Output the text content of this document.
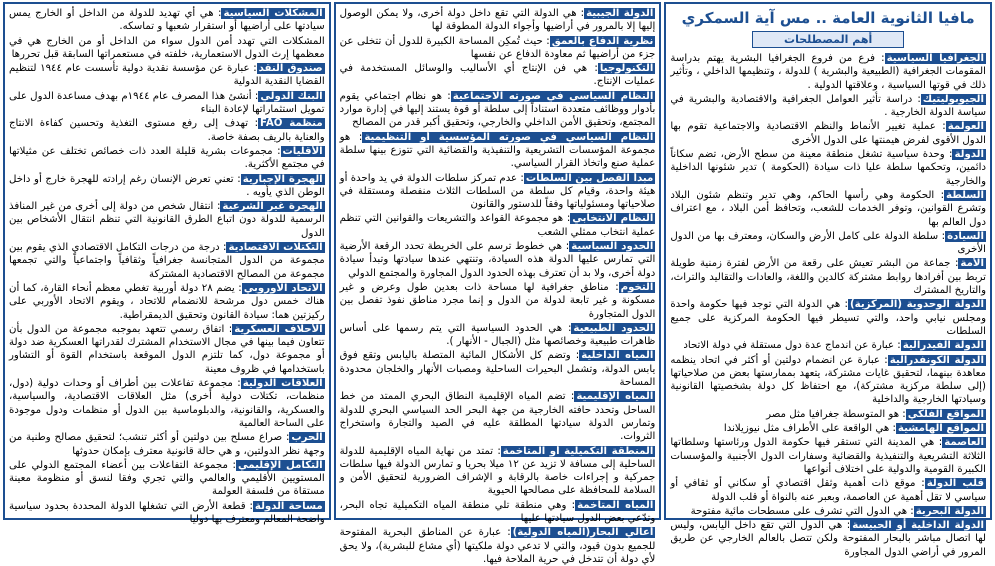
مافيا الثانوية العامة .. مس آية السمكري
أهم المصطلحات

الجغرافيا السياسية: فرع من فروع الجغرافيا البشرية يهتم بدراسة المقومات الجغرافية (الطبيعية والبشرية ) للدولة ، وتنظيمها الداخلي ، وتأثير ذلك في قوتها السياسية ، وعلاقتها الدولية .

الجيوبوليتيك: دراسة تأثير العوامل الجغرافية والاقتصادية والبشرية في سياسة الدولة الخارجية .

العولمة: عملية تغيير الأنماط والنظم الاقتصادية والاجتماعية تقوم بها الدول الأقوى لفرض هيمنتها على الدول الأخرى

الدولة: وحدة سياسية تشغل منطقة معينة من سطح الأرض، تضم سكاناً دائمين، وتحكمها سلطة عليا ذات سيادة (الحكومة ) تدير شئونها الداخلية والخارجية

السلطة: الحكومة وهي رأسها الحاكم، وهي تدير وتنظم شئون البلاد وتشرع القوانين، وتوفر الخدمات للشعب، وتحافظ أمن البلاد ، مع اعتراف دول العالم بها

السيادة: سلطة الدولة على كامل الأرض والسكان، ومعترف بها من الدول الأخرى

الأمة: جماعة من البشر تعيش على رقعة من الأرض لفترة زمنية طويلة تربط بين أفرادها روابط مشتركة كالدين واللغة، والعادات والتقاليد والتراث، والتاريخ المشترك

الدولة الوحدوية (المركزية): هي الدولة التي توجد فيها حكومة واحدة ومجلس نيابي واحد، والتي تسيطر فيها الحكومة المركزية على جميع السلطات

الدولة الفيدرالية: عبارة عن اندماج عدة دول مستقلة في دولة الاتحاد

الدولة الكونفدرالية: عبارة عن انضمام دولتين أو أكثر في اتحاد ينظمه معاهدة بينهما، لتحقيق غايات مشتركة، يتعهد بممارستها بعض من صلاحياتها (إلى سلطة مركزية مشتركة)، مع احتفاظ كل دولة بشخصيتها القانونية وسيادتها الخارجية والداخلية

المواقع الفلكي: هو المتوسطة جغرافيا مثل مصر

المواقع الهامشية: هي الواقعة على الأطراف مثل نيوزيلاندا

العاصمة: هي المدينة التي تستقر فيها حكومة الدول ورئاستها وسلطاتها الثلاثة التشريعية والتنفيذية والقضائية وسفارات الدول الأجنبية والمؤسسات الكبيرة القومية والدولية على اختلاف أنواعها

قلب الدولة: موقع ذات أهمية وثقل اقتصادي أو سكاني أو ثقافي أو سياسي لا تقل أهمية عن العاصمة، وبعبر عنه بالنواة أو قلب الدولة

الدولة البحرية: هي الدول التي تشرف على مسطحات مائية مفتوحة

الدولة الداخلية أو الحبيسة: هي الدول التي تقع داخل اليابس، وليس لها اتصال مباشر بالبحار المفتوحة ولكن تتصل بالعالم الخارجي عن طريق المرور في أراضي الدول المجاورة

الدولة الجيبية: هي الدولة التي تقع داخل دولة أخرى، ولا يمكن الوصول إليها إلا بالمرور في أراضيها وأجواء الدولة المطوقة لها

نظرية الدفاع بالعمق: حيث تُمكِن المساحة الكبيرة للدول أن تتخلى عن جزء من أراضيها ثم معاودة الدفاع عن نفسها

التكنولوجيا: هي فن الإنتاج أي الأساليب والوسائل المستخدمة في عمليات الإنتاج.

النظام السياسي في صورته الاجتماعية: هو نظام اجتماعي يقوم بأدوار ووظائف متعددة استناداً إلى سلطة أو قوة يستند إليها في إدارة موارد المجتمع، وتحقيق الأمن الداخلي والخارجي، وتحقيق أكبر قدر من المصالح

النظام السياسي في صورته المؤسسية أو التنظيمية: هو مجموعة المؤسسات التشريعية والتنفيذية والقضائية التي تتوزع بينها سلطة عملية صنع واتخاذ القرار السياسي.

مبدأ الفصل بين السلطات: عدم تمركز سلطات الدولة في يد واحدة أو هيئة واحدة، وقيام كل سلطة من السلطات الثلاث منفصلة ومستقلة في صلاحياتها ومسئولياتها وفقاً للدستور والقانون

النظام الانتخابي: هو مجموعة القواعد والتشريعات والقوانين التي تنظم عملية انتخاب ممثلي الشعب

الحدود السياسية: هي خطوط ترسم على الخريطة تحدد الرقعة الأرضية التي تمارس عليها الدولة هذه السيادة، وتنتهي عندها سيادتها وتبدأ سيادة دولة أخرى، ولا بد أن تعترف بهذه الحدود الدول المجاورة والمجتمع الدولي

التخوم: مناطق جغرافية لها مساحة ذات بعدين طول وعرض و غير مسكونة و غير تابعة لدولة من الدول و إنما مجرد مناطق نفوذ تفصل بين الدول المتجاورة

الحدود الطبيعية: هي الحدود السياسية التي يتم رسمها على أساس ظاهرات طبيعية وخصائصها مثل (الجبال - الأنهار ).

المياه الداخلية: وتضم كل الأشكال المائية المتصلة باليابس وتقع فوق يابس الدولة، وتشمل البحيرات الساحلية ومصبات الأنهار والخلجان محدودة المساحة

المياه الإقليمية: تضم المياه الإقليمية النطاق البحري الممتد من خط الساحل وتحدد حافته الخارجية من جهة البحر الحد السياسي البحري للدولة وتمارس الدولة سيادتها المطلقة عليه في الصيد والتجارة واستخراج الثروات.

المنطقة التكميلية أو المتاخمة: تمتد من نهاية المياه الإقليمية للدولة الساحلية إلى مسافة لا تزيد عن ١٢ ميلا بحريا و تمارس الدولة فيها سلطات جمركية و إجراءات خاصة بالرقابة و الإشراف الضرورية لتحقيق الأمن و السلامة للمحافظة على مصالحها الحيوية

المياه المتاخمة: وهي منطقة تلي منطقة المياه التكميلية تجاه البحر، وتدّعي بعض الدول سيادتها عليها

أعالي البحار(المياه الدولية): عبارة عن المناطق البحرية المفتوحة للجميع بدون قيود، والتي لا تدعي دولة ملكيتها (أي مشاع للبشرية)، ولا يحق لأي دولة أن تتدخل في حرية الملاحة فيها.

المشكلات السياسية: هي أي تهديد للدولة من الداخل أو الخارج يمس سيادتها على أراضيها أو استقرار شعبها و تماسكه.

المشكلات التي تهدد أمن الدول سواء من الداخل أو من الخارج هي في معظمها إرث الدول الاستعمارية، خلفته في مستعمراتها السابقة قبل تحررها

صندوق النقد: عبارة عن مؤسسة نقدية دولية تأسست عام ١٩٤٤ لتنظيم القضايا النقدية الدولية

البنك الدولي: أنشئ هذا المصرف عام ١٩٤٤م بهدف مساعدة الدول على تمويل استثماراتها لإعادة البناء

منظمة FAO: تهدف إلى رفع مستوى التغذية وتحسين كفاءة الانتاج والعناية بالريف بصفة خاصة.

الأقليات: مجموعات بشرية قليلة العدد ذات خصائص تختلف عن مثيلاتها في مجتمع الأكثرية.

الهجرة الإجبارية: تعني تعرض الإنسان رغم إرادته للهجرة خارج أو داخل الوطن الذي يأويه .

الهجرة غير الشرعية: انتقال شخص من دولة إلى أخرى من غير المنافذ الرسمية للدولة دون اتباع الطرق القانونية التي تنظم انتقال الأشخاص بين الدول

التكتلات الاقتصادية: درجة من درجات التكامل الاقتصادي الذي يقوم بين مجموعة من الدول المتجانسة جغرافياً وثقافياً واجتماعياً والتي تجمعها مجموعة من المصالح الاقتصادية المشتركة

الاتحاد الأوروبي: يضم ٢٨ دولة أوربية تغطي معظم أنحاء القارة، كما أن هناك خمس دول مرشحة للانضمام للاتحاد ، ويقوم الاتحاد الأوربي على ركيزتين هما: سيادة القانون وتحقيق الديمقراطية.

الأحلاف العسكرية: اتفاق رسمي تتعهد بموجبه مجموعة من الدول بأن تتعاون فيما بينها في مجال الاستخدام المشترك لقدراتها العسكرية ضد دولة أو مجموعة دول، كما تلتزم الدول الموقعة باستخدام القوة أو التشاور باستخدامها في ظروف معينة

العلاقات الدولية: مجموعة تفاعلات بين أطراف أو وحدات دولية (دول، منظمات، تكتلات دولية أخرى) مثل العلاقات الاقتصادية، والسياسية، والعسكرية، والقانونية، والدبلوماسية بين الدول أو منظمات ودول موجودة على الساحة العالمية

الحرب: صراع مسلح بين دولتين أو أكثر تنشب؛ لتحقيق مصالح وطنية من وجهة نظر الدولتين، و هي حالة قانونية معترف بإمكان حدوثها

التكامل الإقليمي: مجموعة التفاعلات بين أعضاء المجتمع الدولي على المستويين الأقليمي والعالمي والتي تجري وفقا لنسق أو منظومة معينة مستقاة من فلسفة العولمة

مساحة الدولة: قطعة الأرض التي تشغلها الدولة المحددة بحدود سياسية واضحة المعالم ومعترف بها دوليا
